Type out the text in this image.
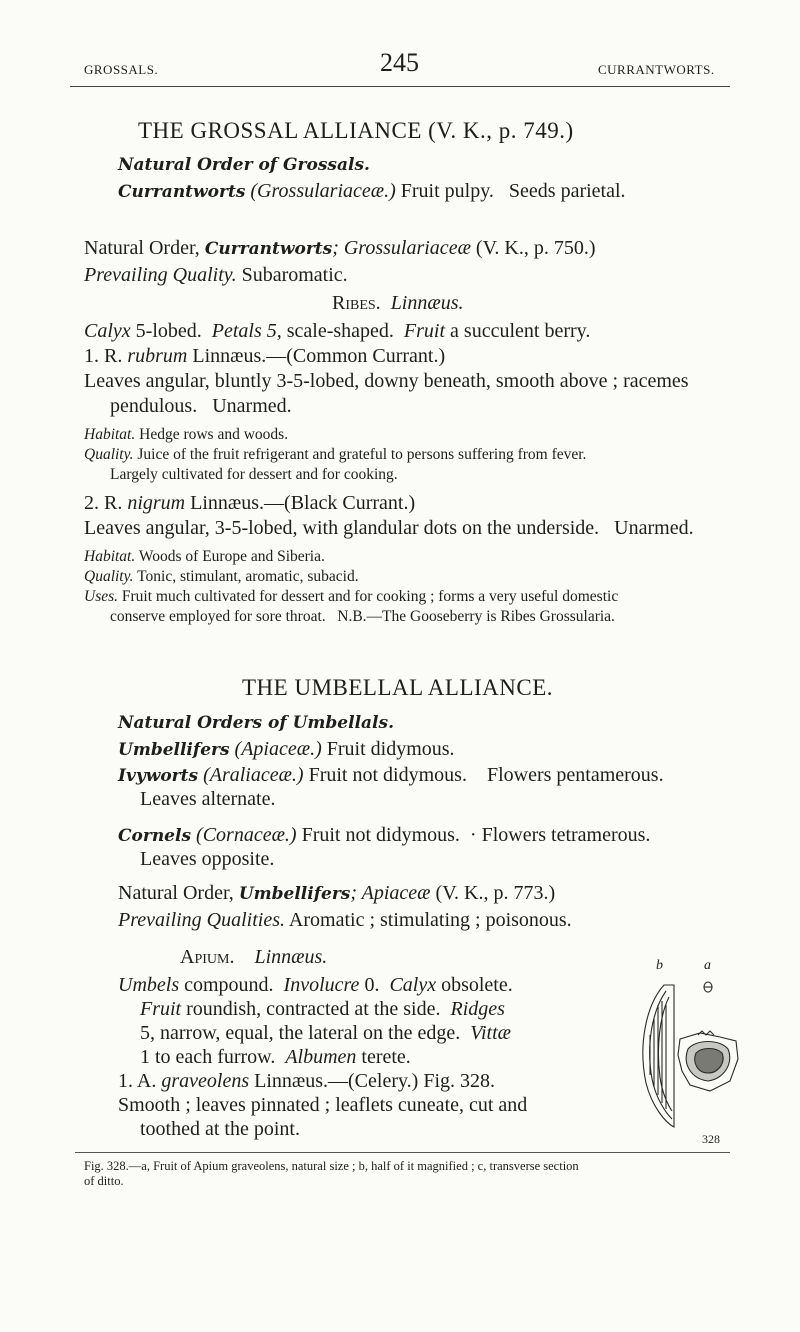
GROSSALS.	245	CURRANTWORTS.
THE GROSSAL ALLIANCE (V. K., p. 749.)
Natural Order of Grossals.
Currantworts (Grossulariaceæ.) Fruit pulpy.   Seeds parietal.
Natural Order, Currantworts; Grossulariaceæ (V. K., p. 750.)
Prevailing Quality. Subaromatic.
Ribes. Linnæus.
Calyx 5-lobed. Petals 5, scale-shaped. Fruit a succulent berry.
1. R. rubrum Linnæus.—(Common Currant.)
Leaves angular, bluntly 3-5-lobed, downy beneath, smooth above ; racemes
pendulous.   Unarmed.
Habitat. Hedge rows and woods.
Quality. Juice of the fruit refrigerant and grateful to persons suffering from fever.
Largely cultivated for dessert and for cooking.
2. R. nigrum Linnæus.—(Black Currant.)
Leaves angular, 3-5-lobed, with glandular dots on the underside.   Unarmed.
Habitat. Woods of Europe and Siberia.
Quality. Tonic, stimulant, aromatic, subacid.
Uses. Fruit much cultivated for dessert and for cooking ; forms a very useful domestic
conserve employed for sore throat.   N.B.—The Gooseberry is Ribes Grossularia.
THE UMBELLAL ALLIANCE.
Natural Orders of Umbellals.
Umbellifers (Apiaceæ.) Fruit didymous.
Ivyworts (Araliaceæ.) Fruit not didymous.    Flowers pentamerous.
Leaves alternate.
Cornels (Cornaceæ.) Fruit not didymous.  · Flowers tetramerous.
Leaves opposite.
Natural Order, Umbellifers; Apiaceæ (V. K., p. 773.)
Prevailing Qualities. Aromatic ; stimulating ; poisonous.
Apium. Linnæus.
Umbels compound. Involucre 0. Calyx obsolete.
Fruit roundish, contracted at the side. Ridges
5, narrow, equal, the lateral on the edge. Vittæ
1 to each furrow. Albumen terete.
1. A. graveolens Linnæus.—(Celery.) Fig. 328.
Smooth ; leaves pinnated ; leaflets cuneate, cut and
toothed at the point.
b	a
328
Fig. 328.—a, Fruit of Apium graveolens, natural size ; b, half of it magnified ; c, transverse section
of ditto.
